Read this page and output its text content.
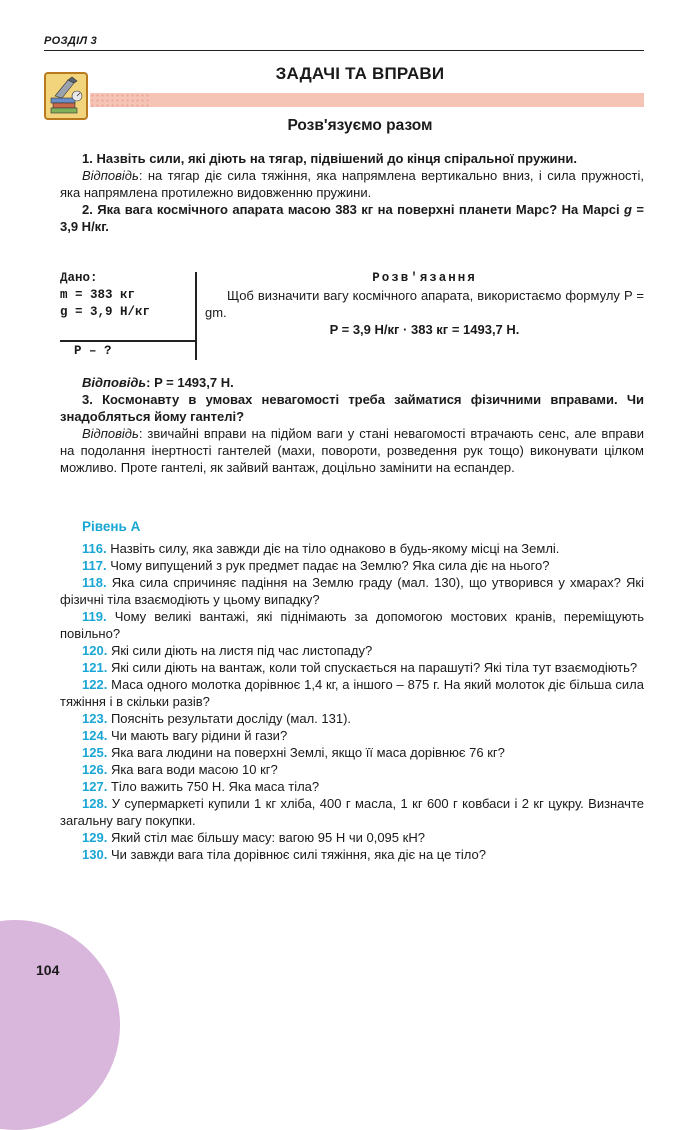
РОЗДІЛ 3
ЗАДАЧІ ТА ВПРАВИ
Розв'язуємо разом

1. Назвіть сили, які діють на тягар, підвішений до кінця спіральної пружини.

Відповідь: на тягар діє сила тяжіння, яка напрямлена вертикально вниз, і сила пружності, яка напрямлена протилежно видовженню пружини.

2. Яка вага космічного апарата масою 383 кг на поверхні планети Марс? На Марсі g = 3,9 Н/кг.

Дано:
m = 383 кг
g = 3,9 Н/кг
P – ?
Розв'язання
Щоб визначити вагу космічного апарата, використаємо формулу P = gm.
P = 3,9 Н/кг · 383 кг = 1493,7 Н.

Відповідь: P = 1493,7 Н.

3. Космонавту в умовах невагомості треба займатися фізичними вправами. Чи знадобляться йому гантелі?

Відповідь: звичайні вправи на підйом ваги у стані невагомості втрачають сенс, але вправи на подолання інертності гантелей (махи, повороти, розведення рук тощо) виконувати цілком можливо. Проте гантелі, як зайвий вантаж, доцільно замінити на еспандер.

Рівень А

116. Назвіть силу, яка завжди діє на тіло однаково в будь-якому місці на Землі.

117. Чому випущений з рук предмет падає на Землю? Яка сила діє на нього?

118. Яка сила спричиняє падіння на Землю граду (мал. 130), що утворився у хмарах? Які фізичні тіла взаємодіють у цьому випадку?

119. Чому великі вантажі, які піднімають за допомогою мостових кранів, переміщують повільно?

120. Які сили діють на листя під час листопаду?

121. Які сили діють на вантаж, коли той спускається на парашуті? Які тіла тут взаємодіють?

122. Маса одного молотка дорівнює 1,4 кг, а іншого – 875 г. На який молоток діє більша сила тяжіння і в скільки разів?

123. Поясніть результати досліду (мал. 131).

124. Чи мають вагу рідини й гази?

125. Яка вага людини на поверхні Землі, якщо її маса дорівнює 76 кг?

126. Яка вага води масою 10 кг?

127. Тіло важить 750 Н. Яка маса тіла?

128. У супермаркеті купили 1 кг хліба, 400 г масла, 1 кг 600 г ковбаси і 2 кг цукру. Визначте загальну вагу покупки.

129. Який стіл має більшу масу: вагою 95 Н чи 0,095 кН?

130. Чи завжди вага тіла дорівнює силі тяжіння, яка діє на це тіло?

104
